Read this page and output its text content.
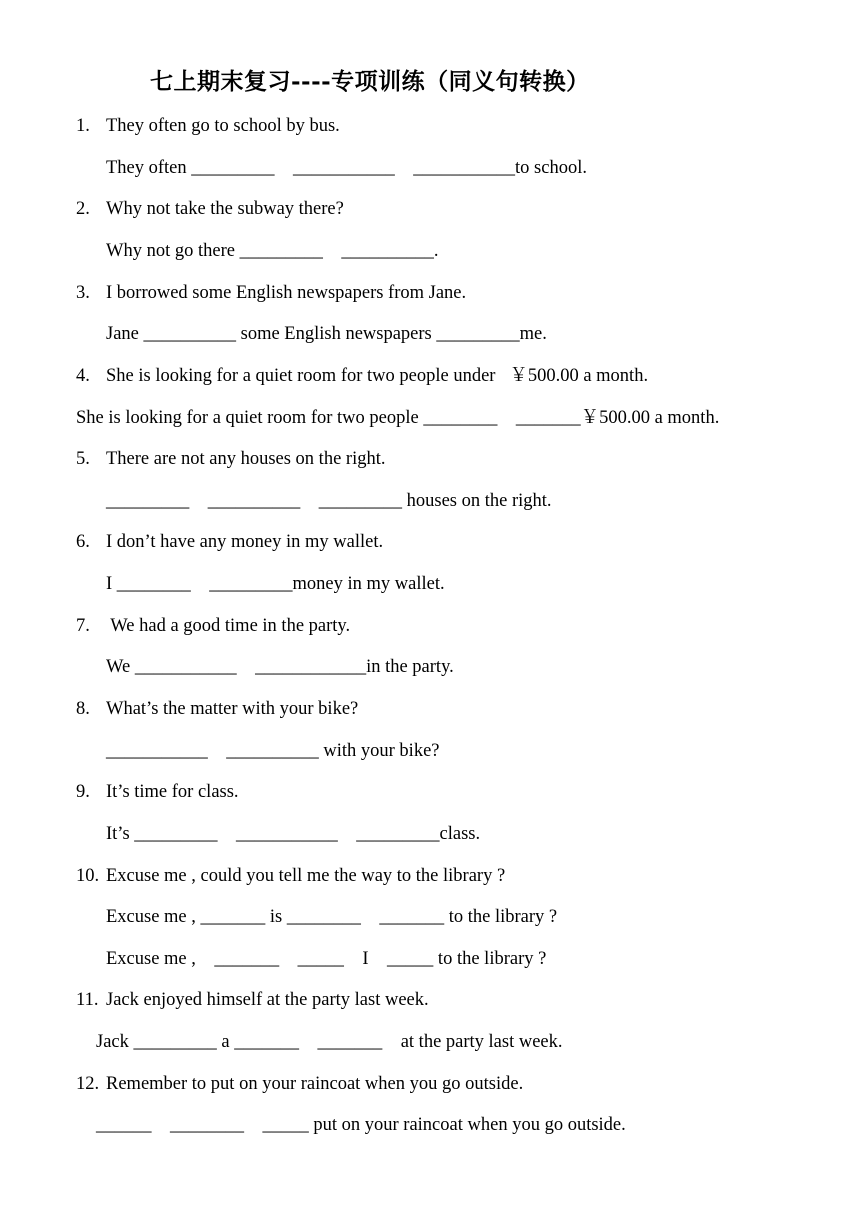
七上期末复习----专项训练（同义句转换）
1. They often go to school by bus.
They often _________    ___________    ___________to school.
2. Why not take the subway there?
Why not go there _________    __________.
3. I borrowed some English newspapers from Jane.
Jane __________ some English newspapers _________me.
4. She is looking for a quiet room for two people under   ￥500.00 a month.
She is looking for a quiet room for two people ________    _______￥500.00 a month.
5. There are not any houses on the right.
_________    __________    _________ houses on the right.
6. I don’t have any money in my wallet.
I ________    _________money in my wallet.
7. We had a good time in the party.
We ___________    ____________in the party.
8. What’s the matter with your bike?
___________    __________ with your bike?
9. It’s time for class.
It’s _________    ___________    _________class.
10. Excuse me , could you tell me the way to the library ?
Excuse me , _______ is ________    _______ to the library ?
Excuse me ,    _______    _____    I    _____ to the library ?
11. Jack enjoyed himself at the party last week.
Jack _________ a _______    _______    at the party last week.
12. Remember to put on your raincoat when you go outside.
______    ________    _____ put on your raincoat when you go outside.
